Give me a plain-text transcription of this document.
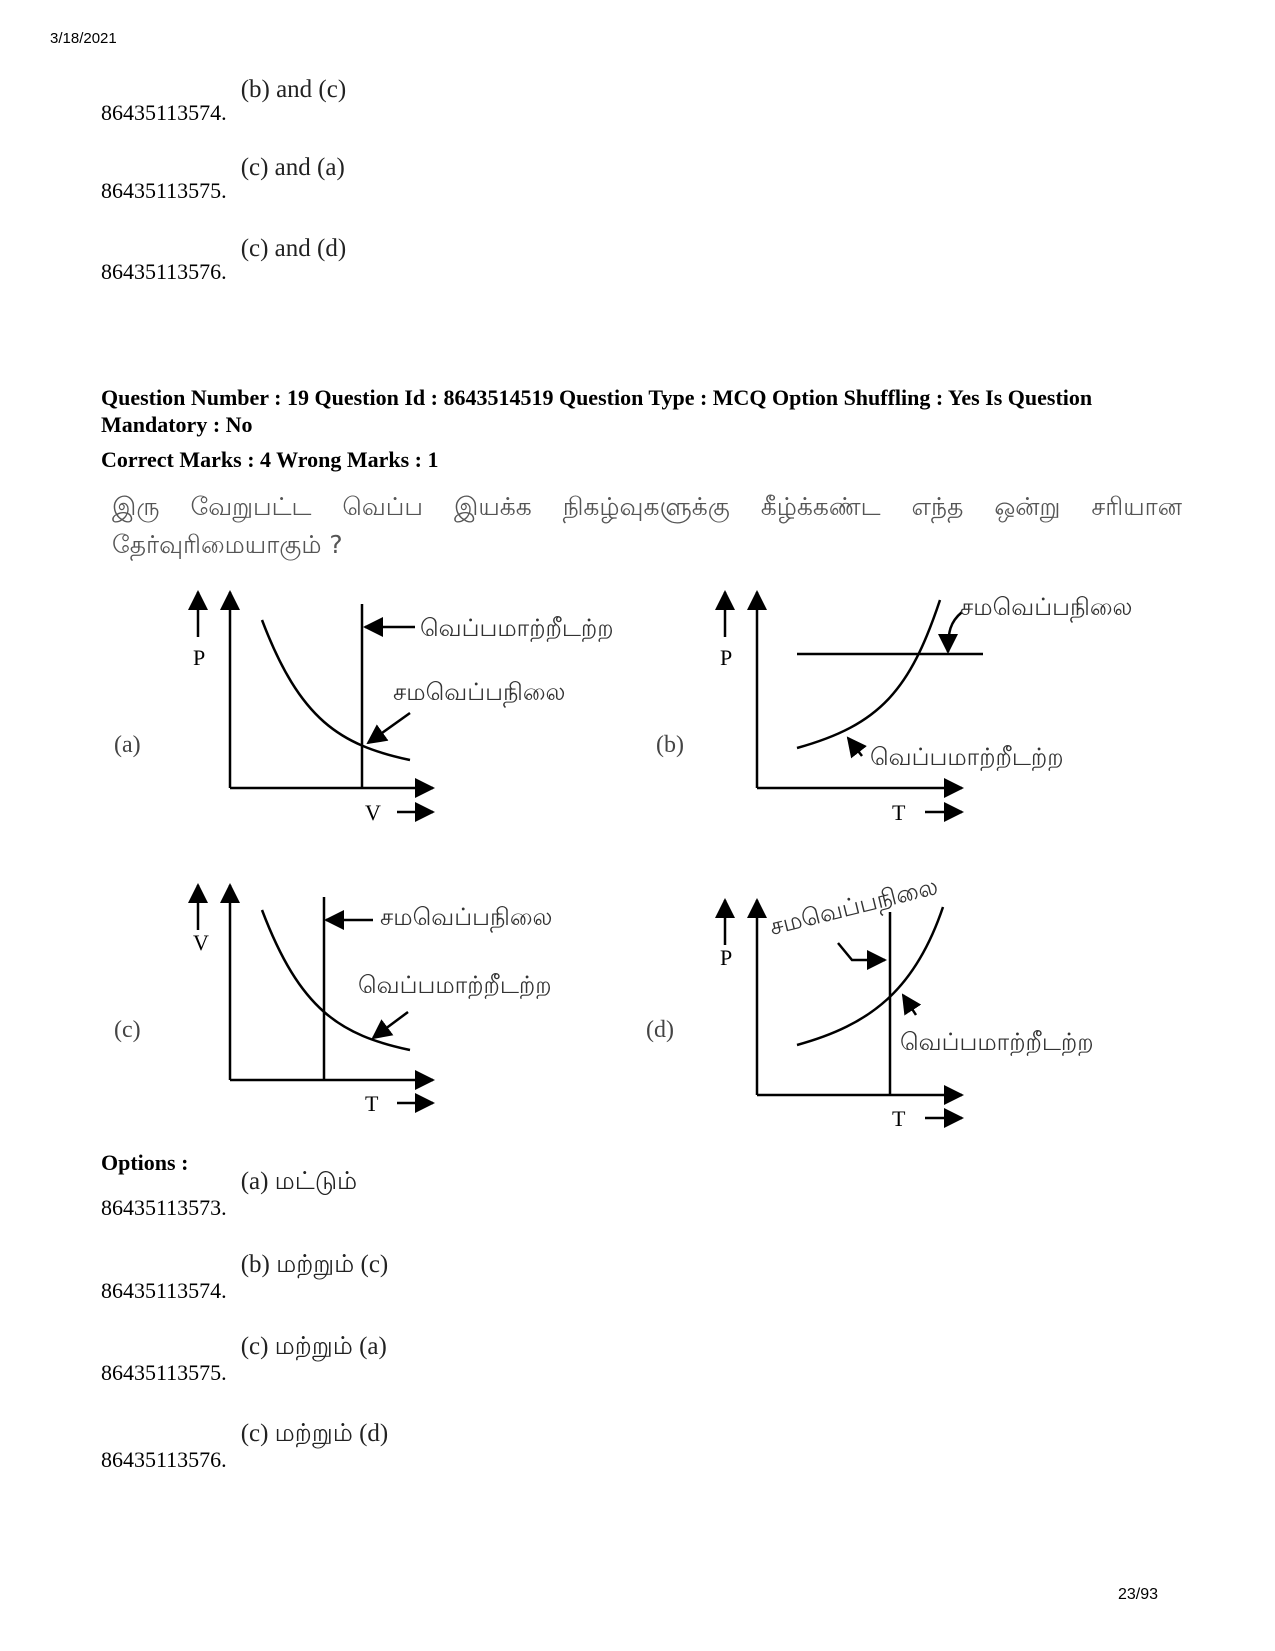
3/18/2021
86435113574.(b) and (c)
86435113575.(c) and (a)
86435113576.(c) and (d)
Question Number : 19 Question Id : 8643514519 Question Type : MCQ Option Shuffling : Yes Is Question Mandatory : No
Correct Marks : 4 Wrong Marks : 1
இரு வேறுபட்ட வெப்ப இயக்க நிகழ்வுகளுக்கு கீழ்க்கண்ட எந்த ஒன்று சரியான
தேர்வுரிமையாகும் ?
P
V
(a)
P
T
(b)
V
T
(c)
P
T
(d)
வெப்பமாற்றீடற்ற
சமவெப்பநிலை
சமவெப்பநிலை
வெப்பமாற்றீடற்ற
சமவெப்பநிலை
வெப்பமாற்றீடற்ற
சமவெப்பநிலை
வெப்பமாற்றீடற்ற
Options :
86435113573.(a) மட்டும்
86435113574.(b) மற்றும் (c)
86435113575.(c) மற்றும் (a)
86435113576.(c) மற்றும் (d)
23/93
